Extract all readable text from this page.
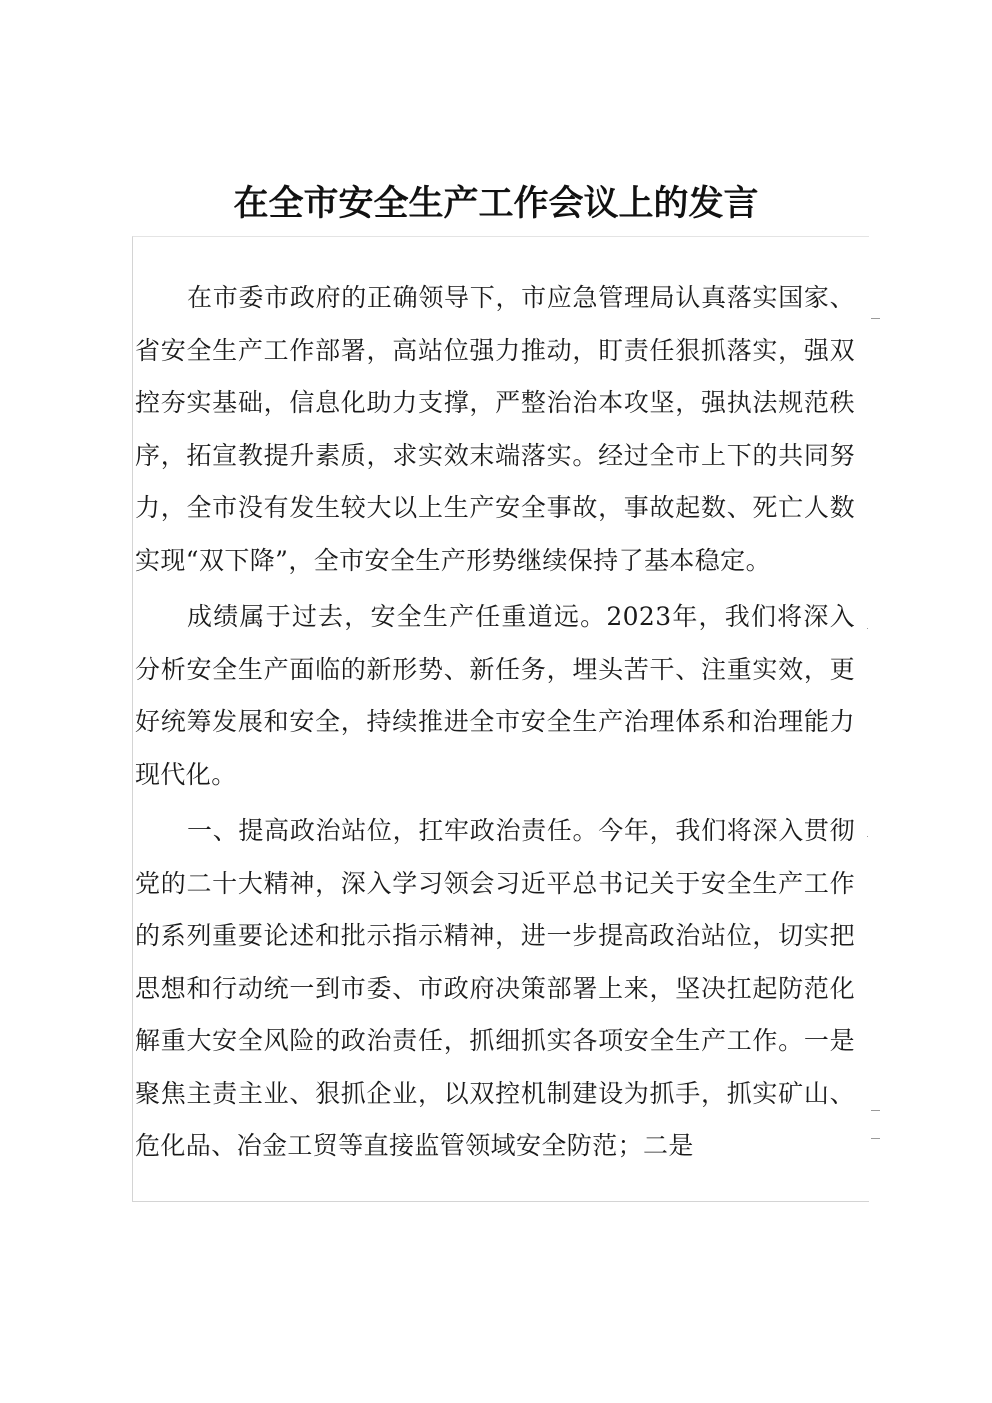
在全市安全生产工作会议上的发言

在市委市政府的正确领导下，市应急管理局认真落实国家、省安全生产工作部署，高站位强力推动，盯责任狠抓落实，强双控夯实基础，信息化助力支撑，严整治治本攻坚，强执法规范秩序，拓宣教提升素质，求实效末端落实。经过全市上下的共同努力，全市没有发生较大以上生产安全事故，事故起数、死亡人数实现“双下降”，全市安全生产形势继续保持了基本稳定。

成绩属于过去，安全生产任重道远。2023年，我们将深入分析安全生产面临的新形势、新任务，埋头苦干、注重实效，更好统筹发展和安全，持续推进全市安全生产治理体系和治理能力现代化。

一、提高政治站位，扛牢政治责任。今年，我们将深入贯彻党的二十大精神，深入学习领会习近平总书记关于安全生产工作的系列重要论述和批示指示精神，进一步提高政治站位，切实把思想和行动统一到市委、市政府决策部署上来，坚决扛起防范化解重大安全风险的政治责任，抓细抓实各项安全生产工作。一是聚焦主责主业、狠抓企业，以双控机制建设为抓手，抓实矿山、危化品、冶金工贸等直接监管领域安全防范；二是
